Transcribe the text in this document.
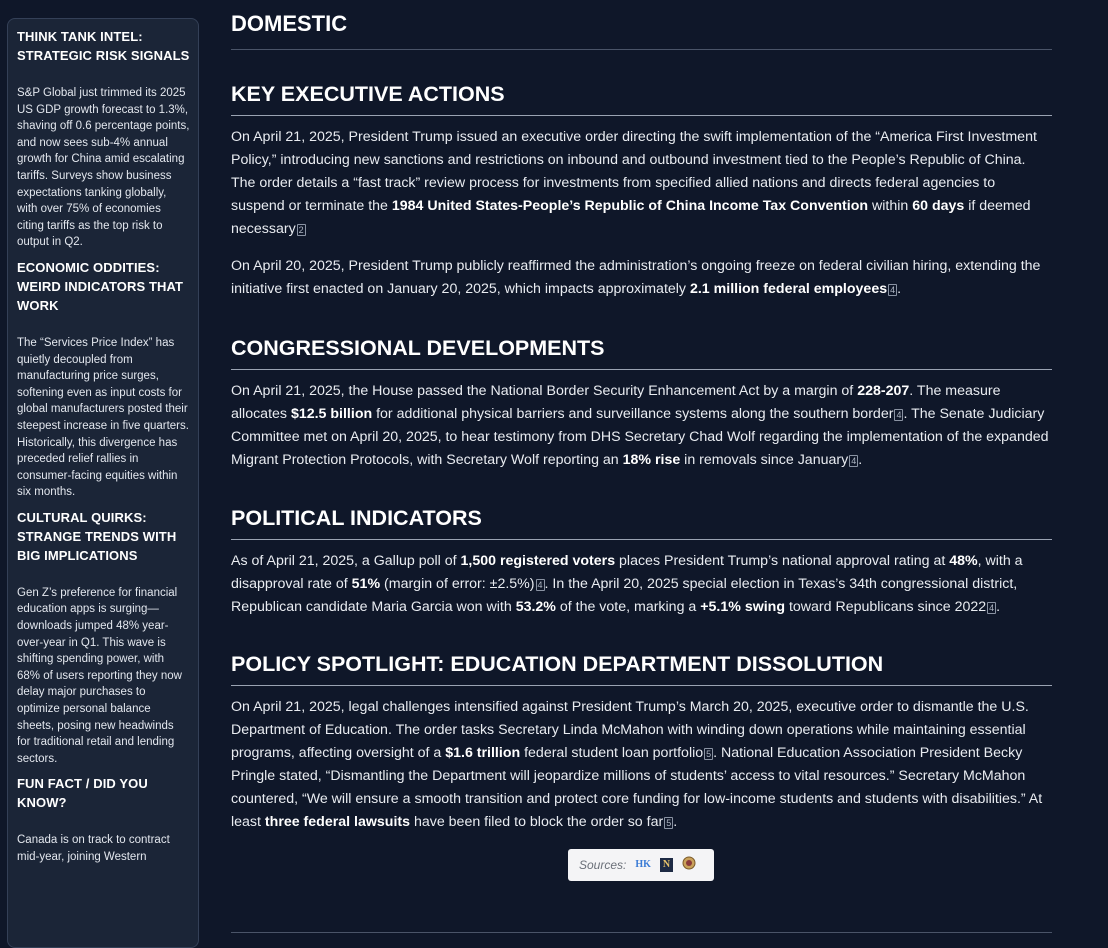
THINK TANK INTEL: STRATEGIC RISK SIGNALS

S&P Global just trimmed its 2025 US GDP growth forecast to 1.3%, shaving off 0.6 percentage points, and now sees sub-4% annual growth for China amid escalating tariffs. Surveys show business expectations tanking globally, with over 75% of economies citing tariffs as the top risk to output in Q2.

ECONOMIC ODDITIES: WEIRD INDICATORS THAT WORK

The “Services Price Index” has quietly decoupled from manufacturing price surges, softening even as input costs for global manufacturers posted their steepest increase in five quarters. Historically, this divergence has preceded relief rallies in consumer-facing equities within six months.

CULTURAL QUIRKS: STRANGE TRENDS WITH BIG IMPLICATIONS

Gen Z’s preference for financial education apps is surging—downloads jumped 48% year-over-year in Q1. This wave is shifting spending power, with 68% of users reporting they now delay major purchases to optimize personal balance sheets, posing new headwinds for traditional retail and lending sectors.

FUN FACT / DID YOU KNOW?

Canada is on track to contract mid-year, joining Western

DOMESTIC
KEY EXECUTIVE ACTIONS

On April 21, 2025, President Trump issued an executive order directing the swift implementation of the “America First Investment Policy,” introducing new sanctions and restrictions on inbound and outbound investment tied to the People’s Republic of China. The order details a “fast track” review process for investments from specified allied nations and directs federal agencies to suspend or terminate the 1984 United States-People’s Republic of China Income Tax Convention within 60 days if deemed necessary 2

On April 20, 2025, President Trump publicly reaffirmed the administration’s ongoing freeze on federal civilian hiring, extending the initiative first enacted on January 20, 2025, which impacts approximately 2.1 million federal employees 4 .

CONGRESSIONAL DEVELOPMENTS

On April 21, 2025, the House passed the National Border Security Enhancement Act by a margin of 228-207. The measure allocates $12.5 billion for additional physical barriers and surveillance systems along the southern border 4 . The Senate Judiciary Committee met on April 20, 2025, to hear testimony from DHS Secretary Chad Wolf regarding the implementation of the expanded Migrant Protection Protocols, with Secretary Wolf reporting an 18% rise in removals since January 4 .

POLITICAL INDICATORS

As of April 21, 2025, a Gallup poll of 1,500 registered voters places President Trump’s national approval rating at 48%, with a disapproval rate of 51% (margin of error: ±2.5%) 4 . In the April 20, 2025 special election in Texas’s 34th congressional district, Republican candidate Maria Garcia won with 53.2% of the vote, marking a +5.1% swing toward Republicans since 2022 4 .

POLICY SPOTLIGHT: EDUCATION DEPARTMENT DISSOLUTION

On April 21, 2025, legal challenges intensified against President Trump’s March 20, 2025, executive order to dismantle the U.S. Department of Education. The order tasks Secretary Linda McMahon with winding down operations while maintaining essential programs, affecting oversight of a $1.6 trillion federal student loan portfolio 5 . National Education Association President Becky Pringle stated, “Dismantling the Department will jeopardize millions of students’ access to vital resources.” Secretary McMahon countered, “We will ensure a smooth transition and protect core funding for low-income students and students with disabilities.” At least three federal lawsuits have been filed to block the order so far 5 .

Sources: HK	N
